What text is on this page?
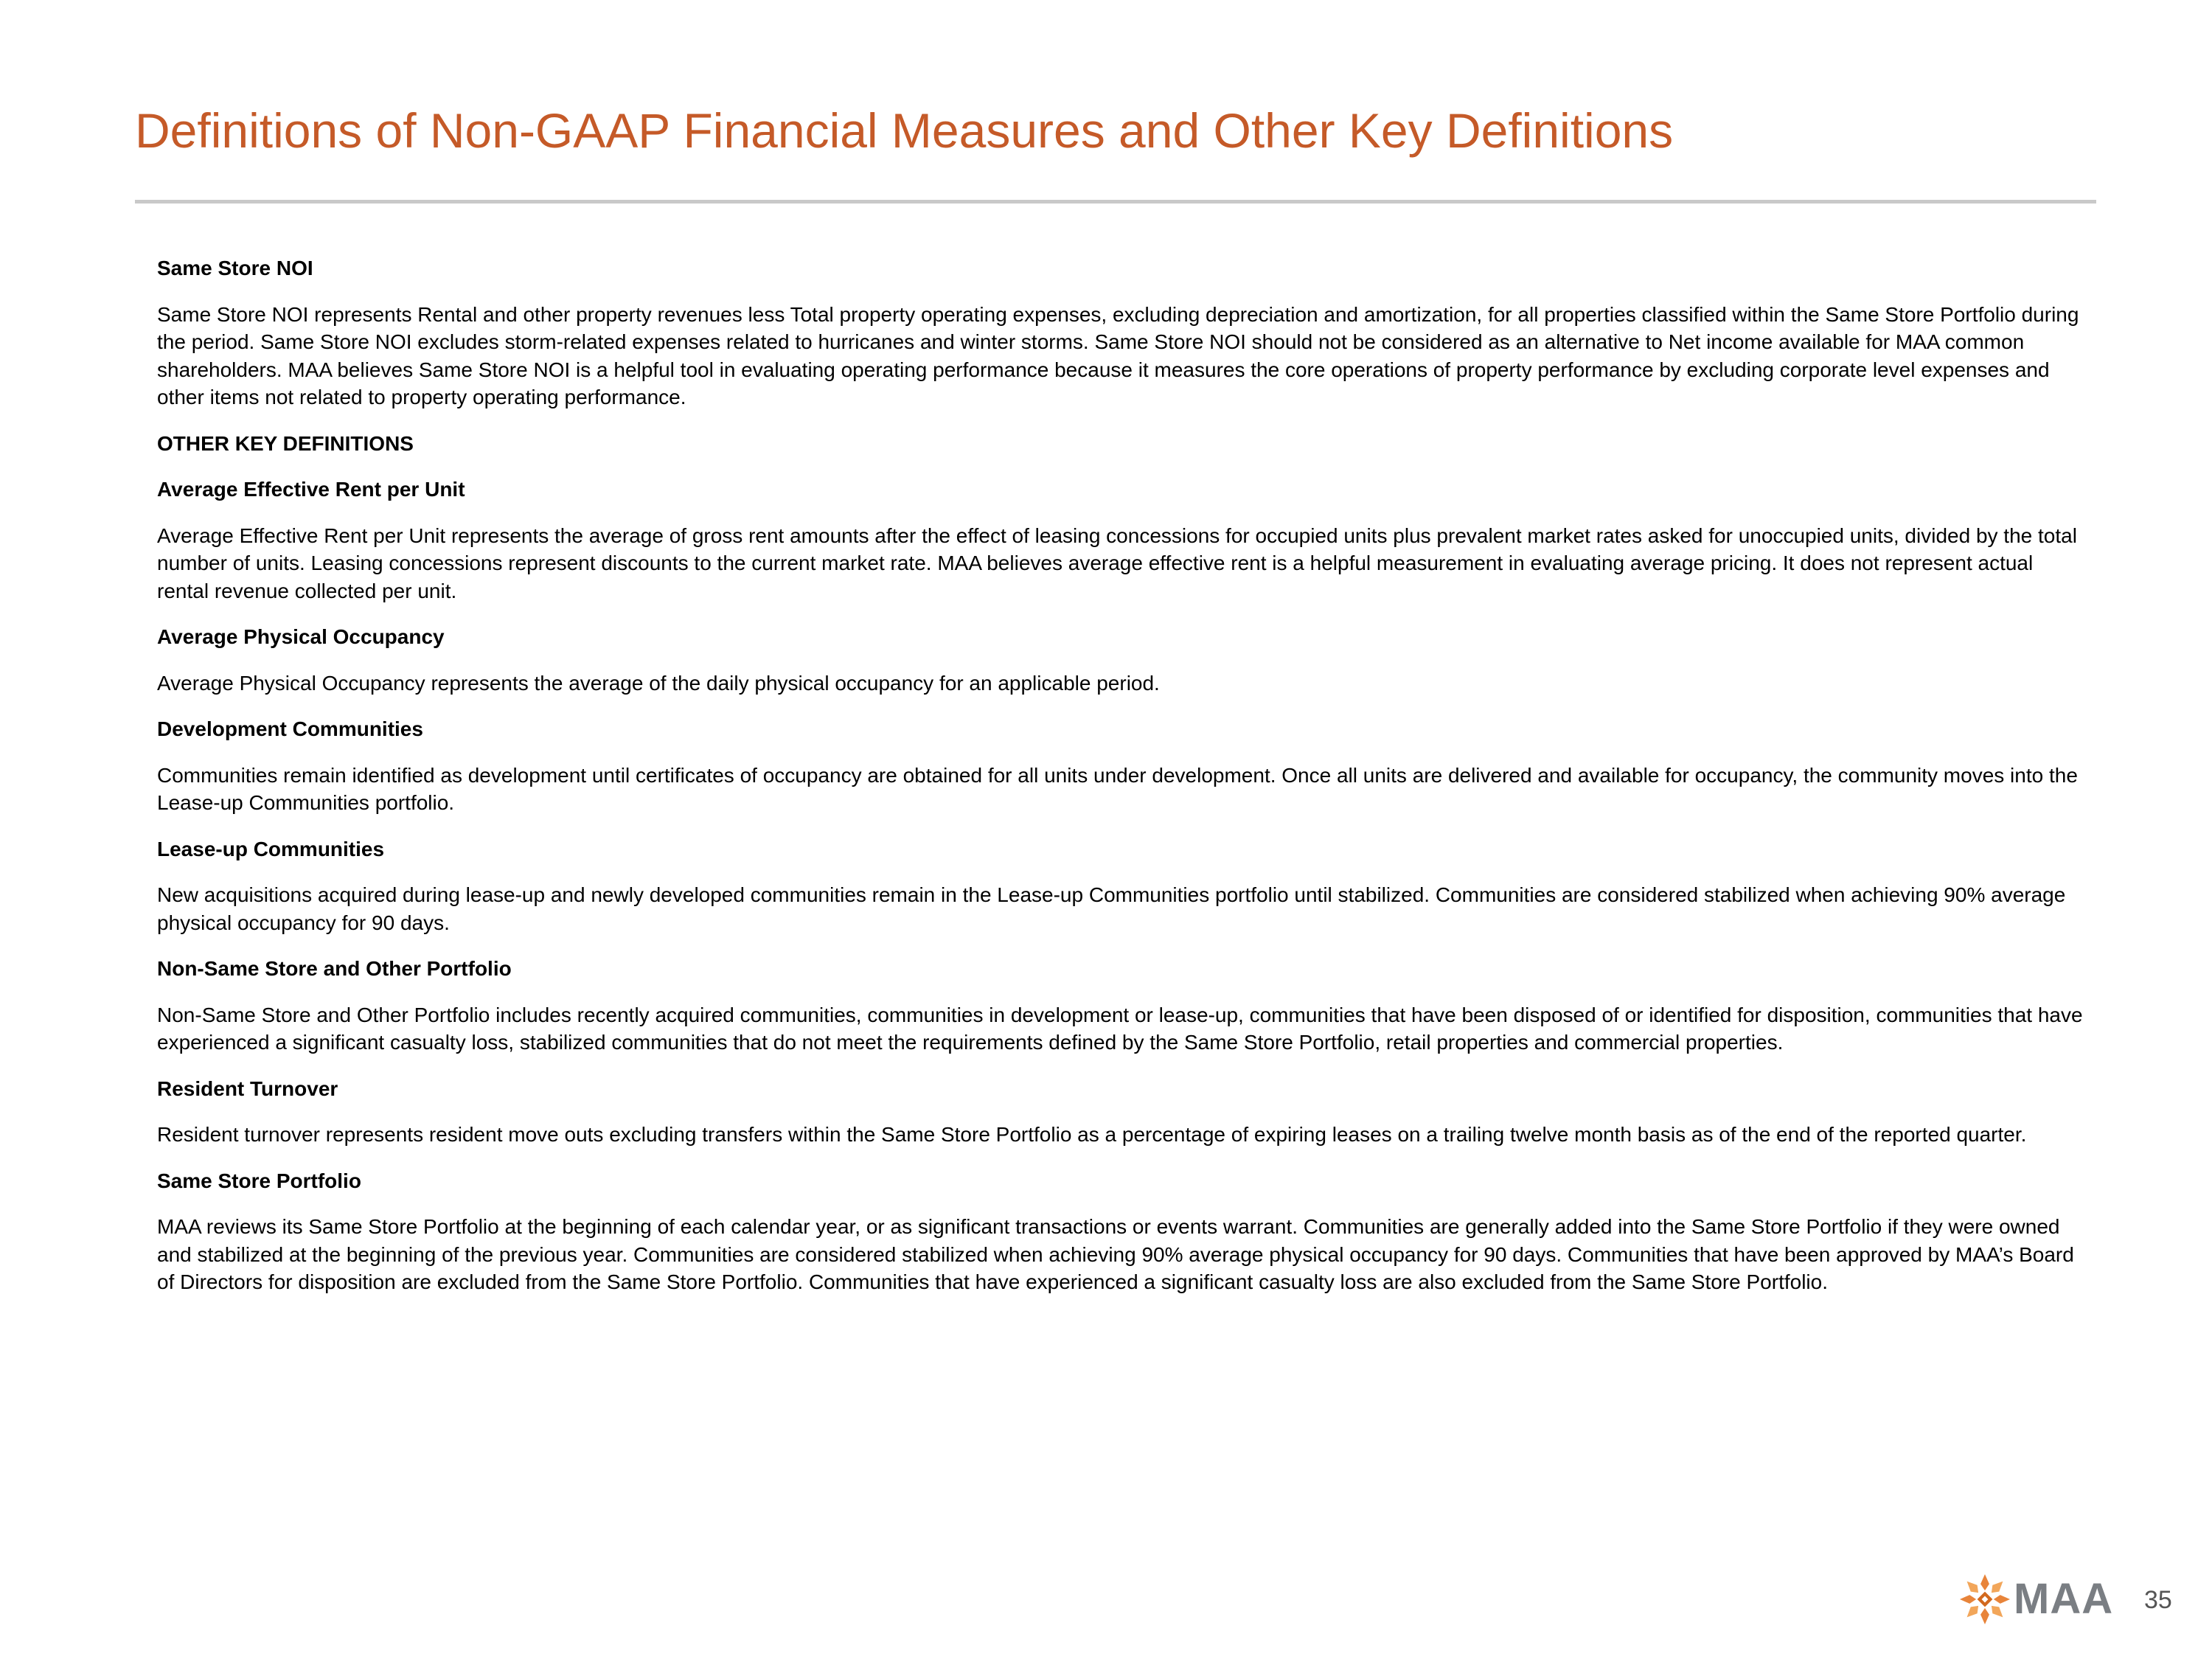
Definitions of Non-GAAP Financial Measures and Other Key Definitions

Same Store NOI

Same Store NOI represents Rental and other property revenues less Total property operating expenses, excluding depreciation and amortization, for all properties classified within the Same Store Portfolio during the period. Same Store NOI excludes storm-related expenses related to hurricanes and winter storms. Same Store NOI should not be considered as an alternative to Net income available for MAA common shareholders. MAA believes Same Store NOI is a helpful tool in evaluating operating performance because it measures the core operations of property performance by excluding corporate level expenses and other items not related to property operating performance.

OTHER KEY DEFINITIONS

Average Effective Rent per Unit

Average Effective Rent per Unit represents the average of gross rent amounts after the effect of leasing concessions for occupied units plus prevalent market rates asked for unoccupied units, divided by the total number of units. Leasing concessions represent discounts to the current market rate. MAA believes average effective rent is a helpful measurement in evaluating average pricing. It does not represent actual rental revenue collected per unit.

Average Physical Occupancy

Average Physical Occupancy represents the average of the daily physical occupancy for an applicable period.

Development Communities

Communities remain identified as development until certificates of occupancy are obtained for all units under development. Once all units are delivered and available for occupancy, the community moves into the Lease-up Communities portfolio.

Lease-up Communities

New acquisitions acquired during lease-up and newly developed communities remain in the Lease-up Communities portfolio until stabilized. Communities are considered stabilized when achieving 90% average physical occupancy for 90 days.

Non-Same Store and Other Portfolio

Non-Same Store and Other Portfolio includes recently acquired communities, communities in development or lease-up, communities that have been disposed of or identified for disposition, communities that have experienced a significant casualty loss, stabilized communities that do not meet the requirements defined by the Same Store Portfolio, retail properties and commercial properties.

Resident Turnover

Resident turnover represents resident move outs excluding transfers within the Same Store Portfolio as a percentage of expiring leases on a trailing twelve month basis as of the end of the reported quarter.

Same Store Portfolio

MAA reviews its Same Store Portfolio at the beginning of each calendar year, or as significant transactions or events warrant. Communities are generally added into the Same Store Portfolio if they were owned and stabilized at the beginning of the previous year. Communities are considered stabilized when achieving 90% average physical occupancy for 90 days. Communities that have been approved by MAA’s Board of Directors for disposition are excluded from the Same Store Portfolio. Communities that have experienced a significant casualty loss are also excluded from the Same Store Portfolio.

MAA 35
